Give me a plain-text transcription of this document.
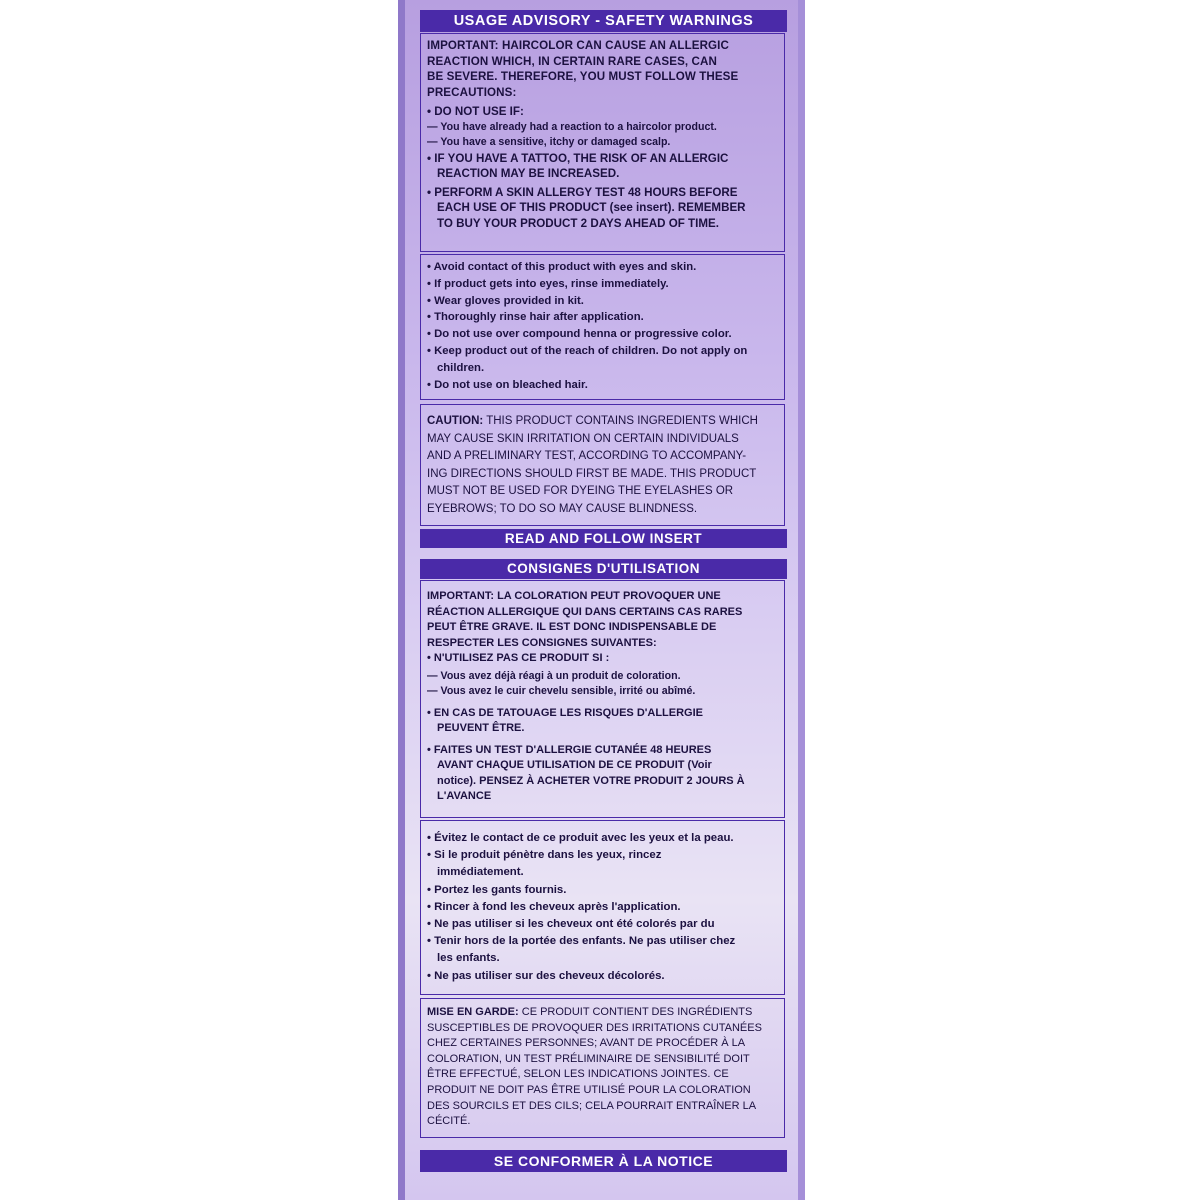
USAGE ADVISORY - SAFETY WARNINGS
IMPORTANT: HAIRCOLOR CAN CAUSE AN ALLERGIC
REACTION WHICH, IN CERTAIN RARE CASES, CAN
BE SEVERE. THEREFORE, YOU MUST FOLLOW THESE
PRECAUTIONS:
• DO NOT USE IF:
— You have already had a reaction to a haircolor product.
— You have a sensitive, itchy or damaged scalp.
• IF YOU HAVE A TATTOO, THE RISK OF AN ALLERGIC
REACTION MAY BE INCREASED.
• PERFORM A SKIN ALLERGY TEST 48 HOURS BEFORE
EACH USE OF THIS PRODUCT (see insert). REMEMBER
TO BUY YOUR PRODUCT 2 DAYS AHEAD OF TIME.
• Avoid contact of this product with eyes and skin.
• If product gets into eyes, rinse immediately.
• Wear gloves provided in kit.
• Thoroughly rinse hair after application.
• Do not use over compound henna or progressive color.
• Keep product out of the reach of children. Do not apply on
children.
• Do not use on bleached hair.
CAUTION: THIS PRODUCT CONTAINS INGREDIENTS WHICH
MAY CAUSE SKIN IRRITATION ON CERTAIN INDIVIDUALS
AND A PRELIMINARY TEST, ACCORDING TO ACCOMPANY-
ING DIRECTIONS SHOULD FIRST BE MADE. THIS PRODUCT
MUST NOT BE USED FOR DYEING THE EYELASHES OR
EYEBROWS; TO DO SO MAY CAUSE BLINDNESS.
READ AND FOLLOW INSERT
CONSIGNES D'UTILISATION
IMPORTANT: LA COLORATION PEUT PROVOQUER UNE
RÉACTION ALLERGIQUE QUI DANS CERTAINS CAS RARES
PEUT ÊTRE GRAVE. IL EST DONC INDISPENSABLE DE
RESPECTER LES CONSIGNES SUIVANTES:
• N'UTILISEZ PAS CE PRODUIT SI :
— Vous avez déjà réagi à un produit de coloration.
— Vous avez le cuir chevelu sensible, irrité ou abîmé.
• EN CAS DE TATOUAGE LES RISQUES D'ALLERGIE
PEUVENT ÊTRE.
• FAITES UN TEST D'ALLERGIE CUTANÉE 48 HEURES
AVANT CHAQUE UTILISATION DE CE PRODUIT (Voir
notice). PENSEZ À ACHETER VOTRE PRODUIT 2 JOURS À
L'AVANCE
• Évitez le contact de ce produit avec les yeux et la peau.
• Si le produit pénètre dans les yeux, rincez
immédiatement.
• Portez les gants fournis.
• Rincer à fond les cheveux après l'application.
• Ne pas utiliser si les cheveux ont été colorés par du
• Tenir hors de la portée des enfants. Ne pas utiliser chez
les enfants.
• Ne pas utiliser sur des cheveux décolorés.
MISE EN GARDE: CE PRODUIT CONTIENT DES INGRÉDIENTS
SUSCEPTIBLES DE PROVOQUER DES IRRITATIONS CUTANÉES
CHEZ CERTAINES PERSONNES; AVANT DE PROCÉDER À LA
COLORATION, UN TEST PRÉLIMINAIRE DE SENSIBILITÉ DOIT
ÊTRE EFFECTUÉ, SELON LES INDICATIONS JOINTES. CE
PRODUIT NE DOIT PAS ÊTRE UTILISÉ POUR LA COLORATION
DES SOURCILS ET DES CILS; CELA POURRAIT ENTRAÎNER LA
CÉCITÉ.
SE CONFORMER À LA NOTICE
